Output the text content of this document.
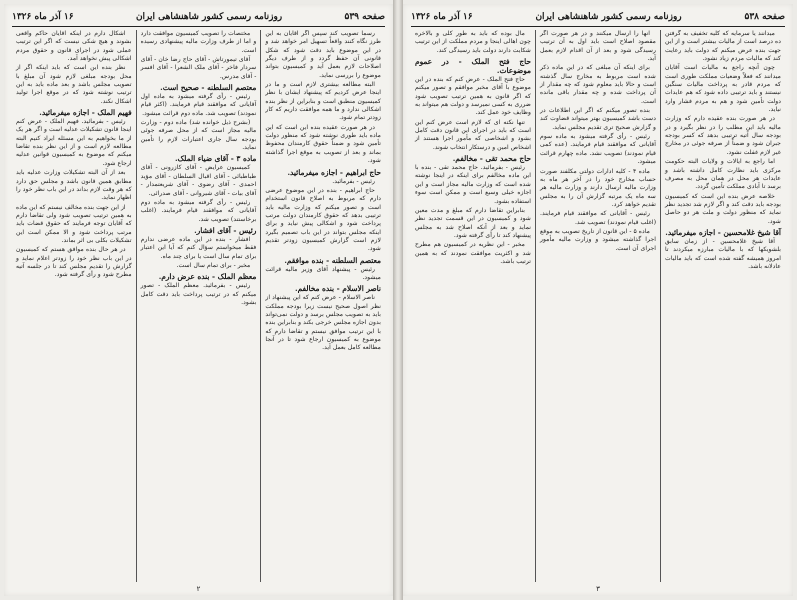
صفحه ۵۳۹
روزنامه رسمی کشور شاهنشاهی ایران
۱۶ آذر ماه ۱۳۲۶
رسماً تصویب کند سپس اگر آقایان به این طرز نگاه کنند واقعاً تسهیل امر خواهد شد و در این موضوع باید دقت شود که شکل قانونی آن حفظ گردد و از طرف دیگر اصلاحات لازم بعمل آید و کمیسیون بتواند موضوع را بررسی نماید.
البته مطالعه بیشتری لازم است و ما در اینجا عرض کردیم که پیشنهاد ایشان با نظر کمیسیون منطبق است و بنابراین از نظر بنده اشکالی ندارد و ما همه موافقت داریم که کار زودتر تمام شود.
در هر صورت عقیده بنده این است که این ماده باید طوری نوشته شود که منظور دولت تأمین شود و ضمناً حقوق کارمندان محفوظ بماند و بعد از تصویب به موقع اجرا گذاشته شود.
حاج ابراهیم - اجازه میفرمائید.
رئیس - بفرمائید.
حاج ابراهیم - بنده در این موضوع عرضی دارم که مربوط به اصلاح قانون استخدام است و تصور میکنم که وزارت مالیه باید ترتیبی بدهد که حقوق کارمندان دولت مرتب پرداخت شود و اشکالی پیش نیاید و برای اینکه مجلس بتواند در این باب تصمیم بگیرد لازم است گزارش کمیسیون زودتر تقدیم شود.
معتصم السلطنه - بنده موافقم.
رئیس - پیشنهاد آقای وزیر مالیه قرائت میشود.
ناصر الاسلام - بنده مخالفم.
ناصر الاسلام - عرض کنم که این پیشنهاد از نظر اصول صحیح نیست زیرا بودجه مملکت باید به تصویب مجلس برسد و دولت نمی‌تواند بدون اجازه مجلس خرجی بکند و بنابراین بنده با این ترتیب موافق نیستم و تقاضا دارم که موضوع به کمیسیون ارجاع شود تا در آنجا مطالعه کامل بعمل آید.
مختصات را تصویب کمیسیون موافقت دارد و اما از طرف وزارت مالیه پیشنهادی رسیده است.
آقای تیمورتاش - آقای حاج رضا خان - آقای سردار فاخر - آقای ملک الشعرا - آقای افسر - آقای مدرس.
معتصم السلطنه - صحیح است.
رئیس - رأی گرفته میشود به ماده اول آقایانی که موافقند قیام فرمایند. (اکثر قیام نمودند) تصویب شد. ماده دوم قرائت میشود.
(بشرح ذیل خوانده شد) ماده دوم - وزارت مالیه مجاز است که از محل صرفه جوئی بودجه سال جاری اعتبارات لازم را تأمین نماید.
ماده ۳ - آقای ضیاء الملک.
کمیسیون عرایض - آقای کازرونی - آقای طباطبائی - آقای اقبال السلطان - آقای مؤید احمدی - آقای رضوی - آقای شریعتمدار - آقای بیات - آقای شیروانی - آقای صدرائی.
رئیس - رأی گرفته میشود به ماده دوم آقایانی که موافقند قیام فرمایند. (اغلب برخاستند) تصویب شد.
رئیس - آقای افشار.
افشار - بنده در این ماده عرضی ندارم فقط میخواستم سؤال کنم که آیا این اعتبار برای تمام سال است یا برای چند ماه.
مخبر - برای تمام سال است.
معظم الملک - بنده عرض دارم.
رئیس - بفرمائید. معظم الملک - تصور میکنم که در ترتیب پرداخت باید دقت کامل بشود.
اشکال دارم در اینکه آقایان حاکم واقعی بشوند و هیچ شکی نیست که اگر این ترتیب عملی شود در اجرای قانون و حقوق مردم اشکالی پیش نخواهد آمد.
نظر بنده این است که باید اینکه اگر از محل بودجه مبلغی لازم شود آن مبلغ با تصویب مجلس باشد و بعد ماده باید به این ترتیب نوشته شود که در موقع اجرا تولید اشکال نکند.
فهیم الملک - اجازه میفرمائید.
رئیس - بفرمائید. فهیم الملک - عرض کنم اینجا قانون تشکیلات عدلیه است و اگر هر یک از ما بخواهیم به این مسئله ایراد کنیم البته مطالعه لازم است و از این نظر بنده تقاضا میکنم که موضوع به کمیسیون قوانین عدلیه ارجاع شود.
بعد از آن البته تشکیلات وزارت عدلیه باید مطابق همین قانون باشد و مجلس حق دارد که هر وقت لازم بداند در این باب نظر خود را اظهار نماید.
از این جهت بنده مخالف نیستم که این ماده به همین ترتیب تصویب شود ولی تقاضا دارم که آقایان توجه فرمایند که حقوق قضات باید مرتب پرداخت شود و الا ممکن است این تشکیلات بکلی بی اثر بماند.
در هر حال بنده موافق هستم که کمیسیون در این باب نظر خود را زودتر اعلام نماید و گزارش را تقدیم مجلس کند تا در جلسه آتیه مطرح شود و رأی گرفته شود.
۲
صفحه ۵۳۸
روزنامه رسمی کشور شاهنشاهی ایران
۱۶ آذر ماه ۱۳۲۶
میدانند یا سرمایه که کلیه تخفیف به گرفتن ده درصد است از مالیات بیشتر است و از این جهت بنده عرض میکنم که دولت باید رعایت کند که مالیات مردم زیاد نشود.
چون آنچه راجع به مالیات است آقایان میدانند که فعلاً وضعیات مملکت طوری است که مردم قادر به پرداخت مالیات سنگین نیستند و باید ترتیبی داده شود که هم عایدات دولت تأمین شود و هم به مردم فشار وارد نیاید.
در هر صورت بنده عقیده دارم که وزارت مالیه باید این مطلب را در نظر بگیرد و در بودجه سال آتیه ترتیبی بدهد که کسر بودجه جبران شود و ضمناً از صرفه جوئی در مخارج غیر لازم غفلت نشود.
اما راجع به ایالات و ولایات البته حکومت مرکزی باید نظارت کامل داشته باشد و عایدات هر محل در همان محل به مصرف برسد تا آبادی مملکت تأمین گردد.
خلاصه عرض بنده این است که کمیسیون بودجه باید دقت کند و اگر لازم شد تجدید نظر نماید که منظور دولت و ملت هر دو حاصل شود.
آقا شیخ غلامحسین - اجازه میفرمائید.
آقا شیخ غلامحسین - از زمان سابق بلشویکها که با مالیات مبارزه میکردند تا امروز همیشه گفته شده است که باید مالیات عادلانه باشد.
آنها را ارسال میکنند و در هر صورت اگر مقصود اصلاح است باید اول به آن ترتیب رسیدگی شود و بعد از آن اقدام لازم بعمل آید.
برای اینکه آن مبلغی که در این ماده ذکر شده است مربوط به مخارج سال گذشته است و حالا باید معلوم شود که چه مقدار از آن پرداخت شده و چه مقدار باقی مانده است.
بنده تصور میکنم که اگر این اطلاعات در دست باشد کمیسیون بهتر میتواند قضاوت کند و گزارش صحیح تری تقدیم مجلس نماید.
رئیس - رأی گرفته میشود به ماده سوم آقایانی که موافقند قیام فرمایند. (عده کمی قیام نمودند) تصویب نشد. ماده چهارم قرائت میشود.
ماده ۴ - کلیه ادارات دولتی مکلفند صورت حساب مخارج خود را در آخر هر ماه به وزارت مالیه ارسال دارند و وزارت مالیه هر سه ماه یک مرتبه گزارش آن را به مجلس تقدیم خواهد کرد.
رئیس - آقایانی که موافقند قیام فرمایند. (اغلب قیام نمودند) تصویب شد.
ماده ۵ - این قانون از تاریخ تصویب به موقع اجرا گذاشته میشود و وزارت مالیه مأمور اجرای آن است.
مال بوده که باید به طور کلی و بالاخره چون اهالی اینجا و مردم مملکت از این ترتیب شکایت دارند دولت باید رسیدگی کند.
حاج فتح الملک - در عموم موضوعات.
حاج فتح الملک - عرض کنم که بنده در این موضوع با آقای مخبر موافقم و تصور میکنم که اگر قانون به همین ترتیب تصویب شود ضرری به کسی نمیرسد و دولت هم میتواند به وظایف خود عمل کند.
تنها نکته ای که لازم است عرض کنم این است که باید در اجرای این قانون دقت کامل بشود و اشخاصی که مأمور اجرا هستند از اشخاص امین و درستکار انتخاب شوند.
حاج محمد تقی - مخالفم.
رئیس - بفرمائید. حاج محمد تقی - بنده با این ماده مخالفم برای اینکه در اینجا نوشته شده است که وزارت مالیه مجاز است و این اجازه خیلی وسیع است و ممکن است سوء استفاده بشود.
بنابراین تقاضا دارم که مبلغ و مدت معین شود و کمیسیون در این قسمت تجدید نظر نماید و بعد از آنکه اصلاح شد به مجلس پیشنهاد کند تا رأی گرفته شود.
مخبر - این نظریه در کمیسیون هم مطرح شد و اکثریت موافقت نمودند که به همین ترتیب باشد.
۳
